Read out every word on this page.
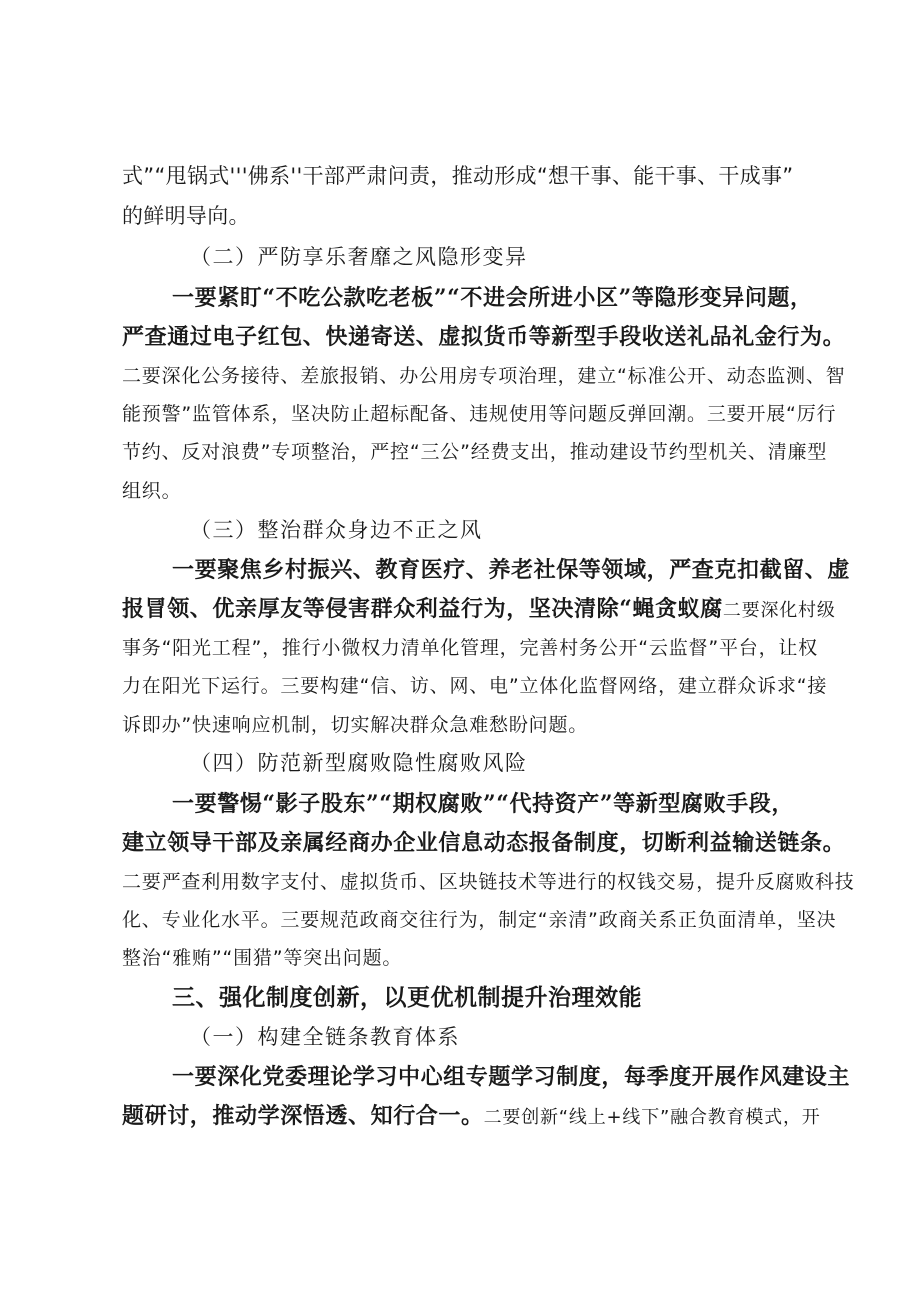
式”“甩锅式'''佛系''干部严肃问责，推动形成“想干事、能干事、干成事”
的鲜明导向。
（二）严防享乐奢靡之风隐形变异
一要紧盯“不吃公款吃老板”“不进会所进小区”等隐形变异问题，
严查通过电子红包、快递寄送、虚拟货币等新型手段收送礼品礼金行为。
二要深化公务接待、差旅报销、办公用房专项治理，建立“标准公开、动态监测、智
能预警”监管体系，坚决防止超标配备、违规使用等问题反弹回潮。三要开展“厉行
节约、反对浪费”专项整治，严控“三公”经费支出，推动建设节约型机关、清廉型
组织。
（三）整治群众身边不正之风
一要聚焦乡村振兴、教育医疗、养老社保等领域，严查克扣截留、虚
报冒领、优亲厚友等侵害群众利益行为，坚决清除“蝇贪蚁腐二要深化村级
事务“阳光工程”，推行小微权力清单化管理，完善村务公开“云监督”平台，让权
力在阳光下运行。三要构建“信、访、网、电”立体化监督网络，建立群众诉求“接
诉即办”快速响应机制，切实解决群众急难愁盼问题。
（四）防范新型腐败隐性腐败风险
一要警惕“影子股东”“期权腐败”“代持资产”等新型腐败手段，
建立领导干部及亲属经商办企业信息动态报备制度，切断利益输送链条。
二要严查利用数字支付、虚拟货币、区块链技术等进行的权钱交易，提升反腐败科技
化、专业化水平。三要规范政商交往行为，制定“亲清”政商关系正负面清单，坚决
整治“雅贿”“围猎”等突出问题。
三、强化制度创新，以更优机制提升治理效能
（一）构建全链条教育体系
一要深化党委理论学习中心组专题学习制度，每季度开展作风建设主
题研讨，推动学深悟透、知行合一。二要创新“线上+线下”融合教育模式，开
